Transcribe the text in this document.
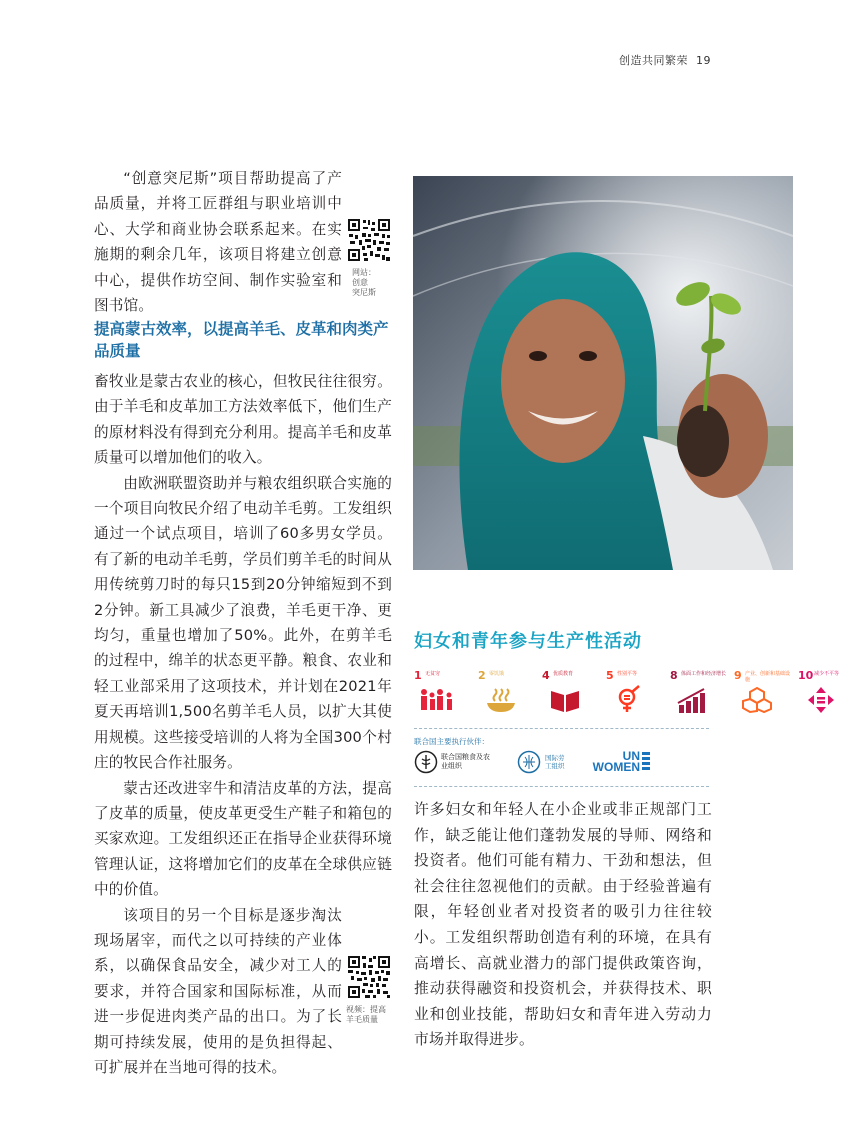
创造共同繁荣 19

“创意突尼斯”项目帮助提高了产品质量，并将工匠群组与职业培训中心、大学和商业协会联系起来。在实施期的剩余几年，该项目将建立创意中心，提供作坊空间、制作实验室和图书馆。

网站：
创意
突尼斯
提高蒙古效率，以提高羊毛、皮革和肉类产品质量

畜牧业是蒙古农业的核心，但牧民往往很穷。由于羊毛和皮革加工方法效率低下，他们生产的原材料没有得到充分利用。提高羊毛和皮革质量可以增加他们的收入。

由欧洲联盟资助并与粮农组织联合实施的一个项目向牧民介绍了电动羊毛剪。工发组织通过一个试点项目，培训了60多男女学员。有了新的电动羊毛剪，学员们剪羊毛的时间从用传统剪刀时的每只15到20分钟缩短到不到2分钟。新工具减少了浪费，羊毛更干净、更均匀，重量也增加了50%。此外，在剪羊毛的过程中，绵羊的状态更平静。粮食、农业和轻工业部采用了这项技术，并计划在2021年夏天再培训1,500名剪羊毛人员，以扩大其使用规模。这些接受培训的人将为全国300个村庄的牧民合作社服务。

蒙古还改进宰牛和清洁皮革的方法，提高了皮革的质量，使皮革更受生产鞋子和箱包的买家欢迎。工发组织还正在指导企业获得环境管理认证，这将增加它们的皮革在全球供应链中的价值。

该项目的另一个目标是逐步淘汰现场屠宰，而代之以可持续的产业体系，以确保食品安全，减少对工人的要求，并符合国家和国际标准，从而进一步促进肉类产品的出口。为了长期可持续发展，使用的是负担得起、可扩展并在当地可得的技术。

视频：提高
羊毛质量
妇女和青年参与生产性活动
1 无贫穷	2 零饥饿	4 优质教育	5 性别平等	8 体面工作和经济增长 9 产业、创新和基础设施	10 减少不平等
联合国主要执行伙伴：
联合国粮食及农业组织
国际劳工组织
UN WOMEN

许多妇女和年轻人在小企业或非正规部门工作，缺乏能让他们蓬勃发展的导师、网络和投资者。他们可能有精力、干劲和想法，但社会往往忽视他们的贡献。由于经验普遍有限，年轻创业者对投资者的吸引力往往较小。工发组织帮助创造有利的环境，在具有高增长、高就业潜力的部门提供政策咨询，推动获得融资和投资机会，并获得技术、职业和创业技能，帮助妇女和青年进入劳动力市场并取得进步。
